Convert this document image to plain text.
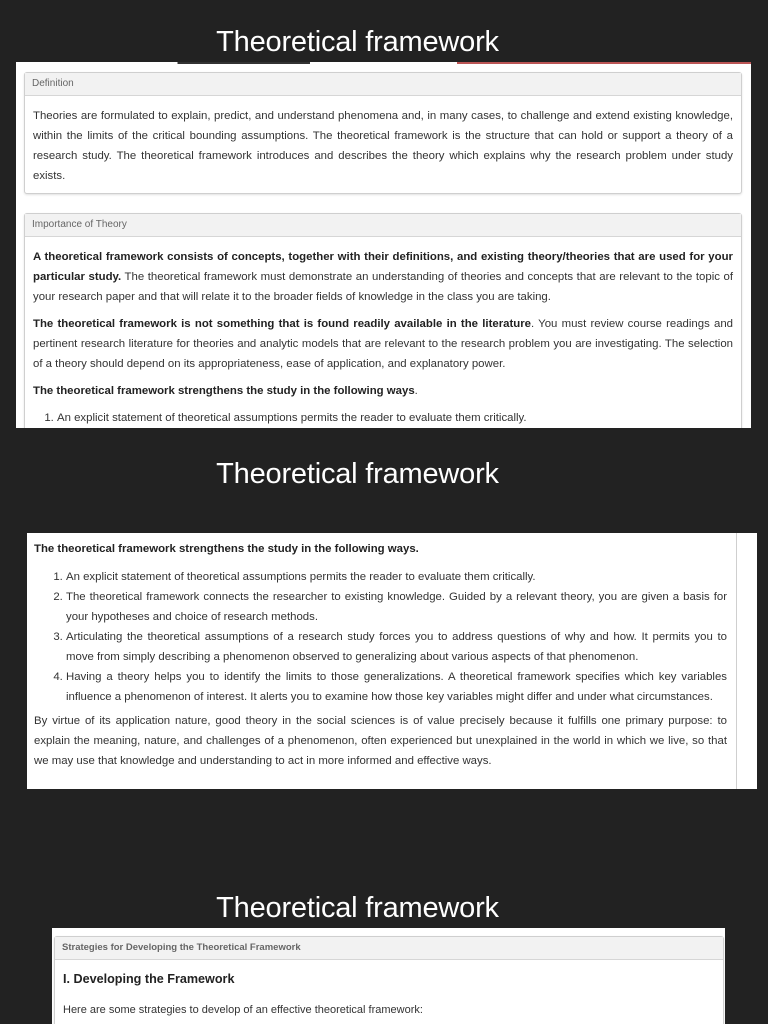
Theoretical framework
Definition

Theories are formulated to explain, predict, and understand phenomena and, in many cases, to challenge and extend existing knowledge, within the limits of the critical bounding assumptions. The theoretical framework is the structure that can hold or support a theory of a research study. The theoretical framework introduces and describes the theory which explains why the research problem under study exists.

Importance of Theory

A theoretical framework consists of concepts, together with their definitions, and existing theory/theories that are used for your particular study. The theoretical framework must demonstrate an understanding of theories and concepts that are relevant to the topic of your research paper and that will relate it to the broader fields of knowledge in the class you are taking.

The theoretical framework is not something that is found readily available in the literature. You must review course readings and pertinent research literature for theories and analytic models that are relevant to the research problem you are investigating. The selection of a theory should depend on its appropriateness, ease of application, and explanatory power.

The theoretical framework strengthens the study in the following ways.

1. An explicit statement of theoretical assumptions permits the reader to evaluate them critically.
Theoretical framework

The theoretical framework strengthens the study in the following ways.

1. An explicit statement of theoretical assumptions permits the reader to evaluate them critically.
2. The theoretical framework connects the researcher to existing knowledge. Guided by a relevant theory, you are given a basis for your hypotheses and choice of research methods.
3. Articulating the theoretical assumptions of a research study forces you to address questions of why and how. It permits you to move from simply describing a phenomenon observed to generalizing about various aspects of that phenomenon.
4. Having a theory helps you to identify the limits to those generalizations. A theoretical framework specifies which key variables influence a phenomenon of interest. It alerts you to examine how those key variables might differ and under what circumstances.

By virtue of its application nature, good theory in the social sciences is of value precisely because it fulfills one primary purpose: to explain the meaning, nature, and challenges of a phenomenon, often experienced but unexplained in the world in which we live, so that we may use that knowledge and understanding to act in more informed and effective ways.

Theoretical framework
Strategies for Developing the Theoretical Framework
I. Developing the Framework

Here are some strategies to develop of an effective theoretical framework:
